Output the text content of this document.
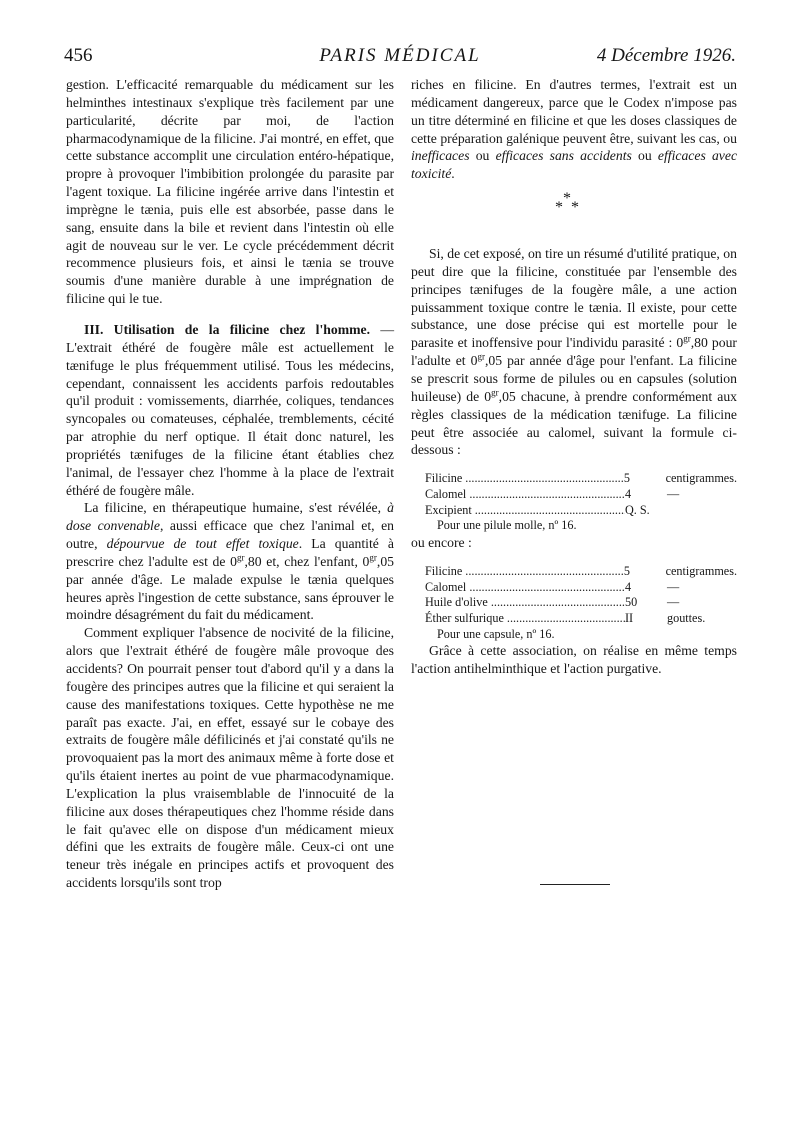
456	PARIS MÉDICAL	4 Décembre 1926.

gestion. L'efficacité remarquable du médicament sur les helminthes intestinaux s'explique très facilement par une particularité, décrite par moi, de l'action pharmacodynamique de la filicine. J'ai montré, en effet, que cette substance accomplit une circulation entéro-hépatique, propre à provoquer l'imbibition prolongée du parasite par l'agent toxique. La filicine ingérée arrive dans l'intestin et imprègne le tænia, puis elle est absorbée, passe dans le sang, ensuite dans la bile et revient dans l'intestin où elle agit de nouveau sur le ver. Le cycle précédemment décrit recommence plusieurs fois, et ainsi le tænia se trouve soumis d'une manière durable à une imprégnation de filicine qui le tue.

III. Utilisation de la filicine chez l'homme. — L'extrait éthéré de fougère mâle est actuellement le tænifuge le plus fréquemment utilisé. Tous les médecins, cependant, connaissent les accidents parfois redoutables qu'il produit : vomissements, diarrhée, coliques, tendances syncopales ou comateuses, céphalée, tremblements, cécité par atrophie du nerf optique. Il était donc naturel, les propriétés tænifuges de la filicine étant établies chez l'animal, de l'essayer chez l'homme à la place de l'extrait éthéré de fougère mâle.

La filicine, en thérapeutique humaine, s'est révélée, à dose convenable, aussi efficace que chez l'animal et, en outre, dépourvue de tout effet toxique. La quantité à prescrire chez l'adulte est de $0^{gr},80$ et, chez l'enfant, $0^{gr},05$ par année d'âge. Le malade expulse le tænia quelques heures après l'ingestion de cette substance, sans éprouver le moindre désagrément du fait du médicament.

Comment expliquer l'absence de nocivité de la filicine, alors que l'extrait éthéré de fougère mâle provoque des accidents? On pourrait penser tout d'abord qu'il y a dans la fougère des principes autres que la filicine et qui seraient la cause des manifestations toxiques. Cette hypothèse ne me paraît pas exacte. J'ai, en effet, essayé sur le cobaye des extraits de fougère mâle défilicinés et j'ai constaté qu'ils ne provoquaient pas la mort des animaux même à forte dose et qu'ils étaient inertes au point de vue pharmacodynamique. L'explication la plus vraisemblable de l'innocuité de la filicine aux doses thérapeutiques chez l'homme réside dans le fait qu'avec elle on dispose d'un médicament mieux défini que les extraits de fougère mâle. Ceux-ci ont une teneur très inégale en principes actifs et provoquent des accidents lorsqu'ils sont trop

riches en filicine. En d'autres termes, l'extrait est un médicament dangereux, parce que le Codex n'impose pas un titre déterminé en filicine et que les doses classiques de cette préparation galénique peuvent être, suivant les cas, ou inefficaces ou efficaces sans accidents ou efficaces avec toxicité.

*
* *

Si, de cet exposé, on tire un résumé d'utilité pratique, on peut dire que la filicine, constituée par l'ensemble des principes tænifuges de la fougère mâle, a une action puissamment toxique contre le tænia. Il existe, pour cette substance, une dose précise qui est mortelle pour le parasite et inoffensive pour l'individu parasité : $0^{gr},80$ pour l'adulte et $0^{gr},05$ par année d'âge pour l'enfant. La filicine se prescrit sous forme de pilules ou en capsules (solution huileuse) de $0^{gr},05$ chacune, à prendre conformément aux règles classiques de la médication tænifuge. La filicine peut être associée au calomel, suivant la formule ci-dessous :

Filicine .....	5	centigrammes.
Calomel .....	4	—
Excipient .....	Q. S.
Pour une pilule molle, nº 16.

ou encore :

Filicine .....	5	centigrammes.
Calomel .....	4	—
Huile d'olive .....	50	—
Éther sulfurique .....	II	gouttes.
Pour une capsule, nº 16.

Grâce à cette association, on réalise en même temps l'action antihelminthique et l'action purgative.
